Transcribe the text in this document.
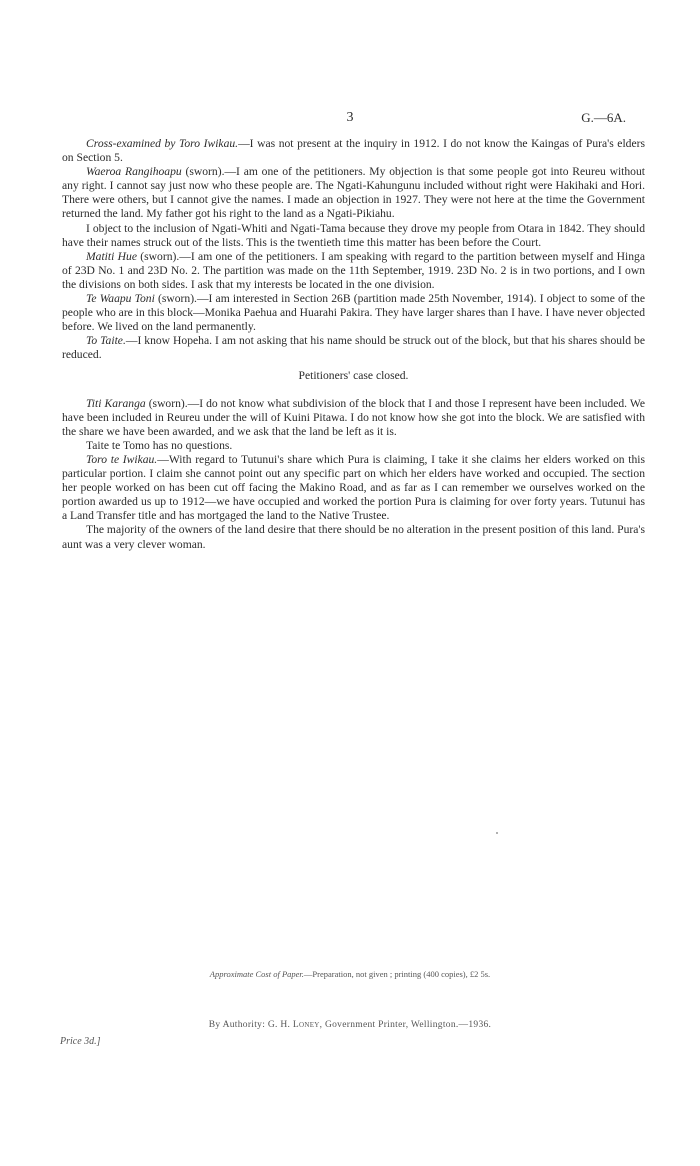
3	G.—6A.

Cross-examined by Toro Iwikau.—I was not present at the inquiry in 1912. I do not know the Kaingas of Pura's elders on Section 5.

Waeroa Rangihoapu (sworn).—I am one of the petitioners. My objection is that some people got into Reureu without any right. I cannot say just now who these people are. The Ngati-Kahungunu included without right were Hakihaki and Hori. There were others, but I cannot give the names. I made an objection in 1927. They were not here at the time the Government returned the land. My father got his right to the land as a Ngati-Pikiahu.

I object to the inclusion of Ngati-Whiti and Ngati-Tama because they drove my people from Otara in 1842. They should have their names struck out of the lists. This is the twentieth time this matter has been before the Court.

Matiti Hue (sworn).—I am one of the petitioners. I am speaking with regard to the partition between myself and Hinga of 23D No. 1 and 23D No. 2. The partition was made on the 11th September, 1919. 23D No. 2 is in two portions, and I own the divisions on both sides. I ask that my interests be located in the one division.

Te Waapu Toni (sworn).—I am interested in Section 26B (partition made 25th November, 1914). I object to some of the people who are in this block—Monika Paehua and Huarahi Pakira. They have larger shares than I have. I have never objected before. We lived on the land permanently.

To Taite.—I know Hopeha. I am not asking that his name should be struck out of the block, but that his shares should be reduced.

Petitioners' case closed.

Titi Karanga (sworn).—I do not know what subdivision of the block that I and those I represent have been included. We have been included in Reureu under the will of Kuini Pitawa. I do not know how she got into the block. We are satisfied with the share we have been awarded, and we ask that the land be left as it is.

Taite te Tomo has no questions.

Toro te Iwikau.—With regard to Tutunui's share which Pura is claiming, I take it she claims her elders worked on this particular portion. I claim she cannot point out any specific part on which her elders have worked and occupied. The section her people worked on has been cut off facing the Makino Road, and as far as I can remember we ourselves worked on the portion awarded us up to 1912—we have occupied and worked the portion Pura is claiming for over forty years. Tutunui has a Land Transfer title and has mortgaged the land to the Native Trustee.

The majority of the owners of the land desire that there should be no alteration in the present position of this land. Pura's aunt was a very clever woman.

Approximate Cost of Paper.—Preparation, not given ; printing (400 copies), £2 5s.
By Authority: G. H. Loney, Government Printer, Wellington.—1936.
Price 3d.]
